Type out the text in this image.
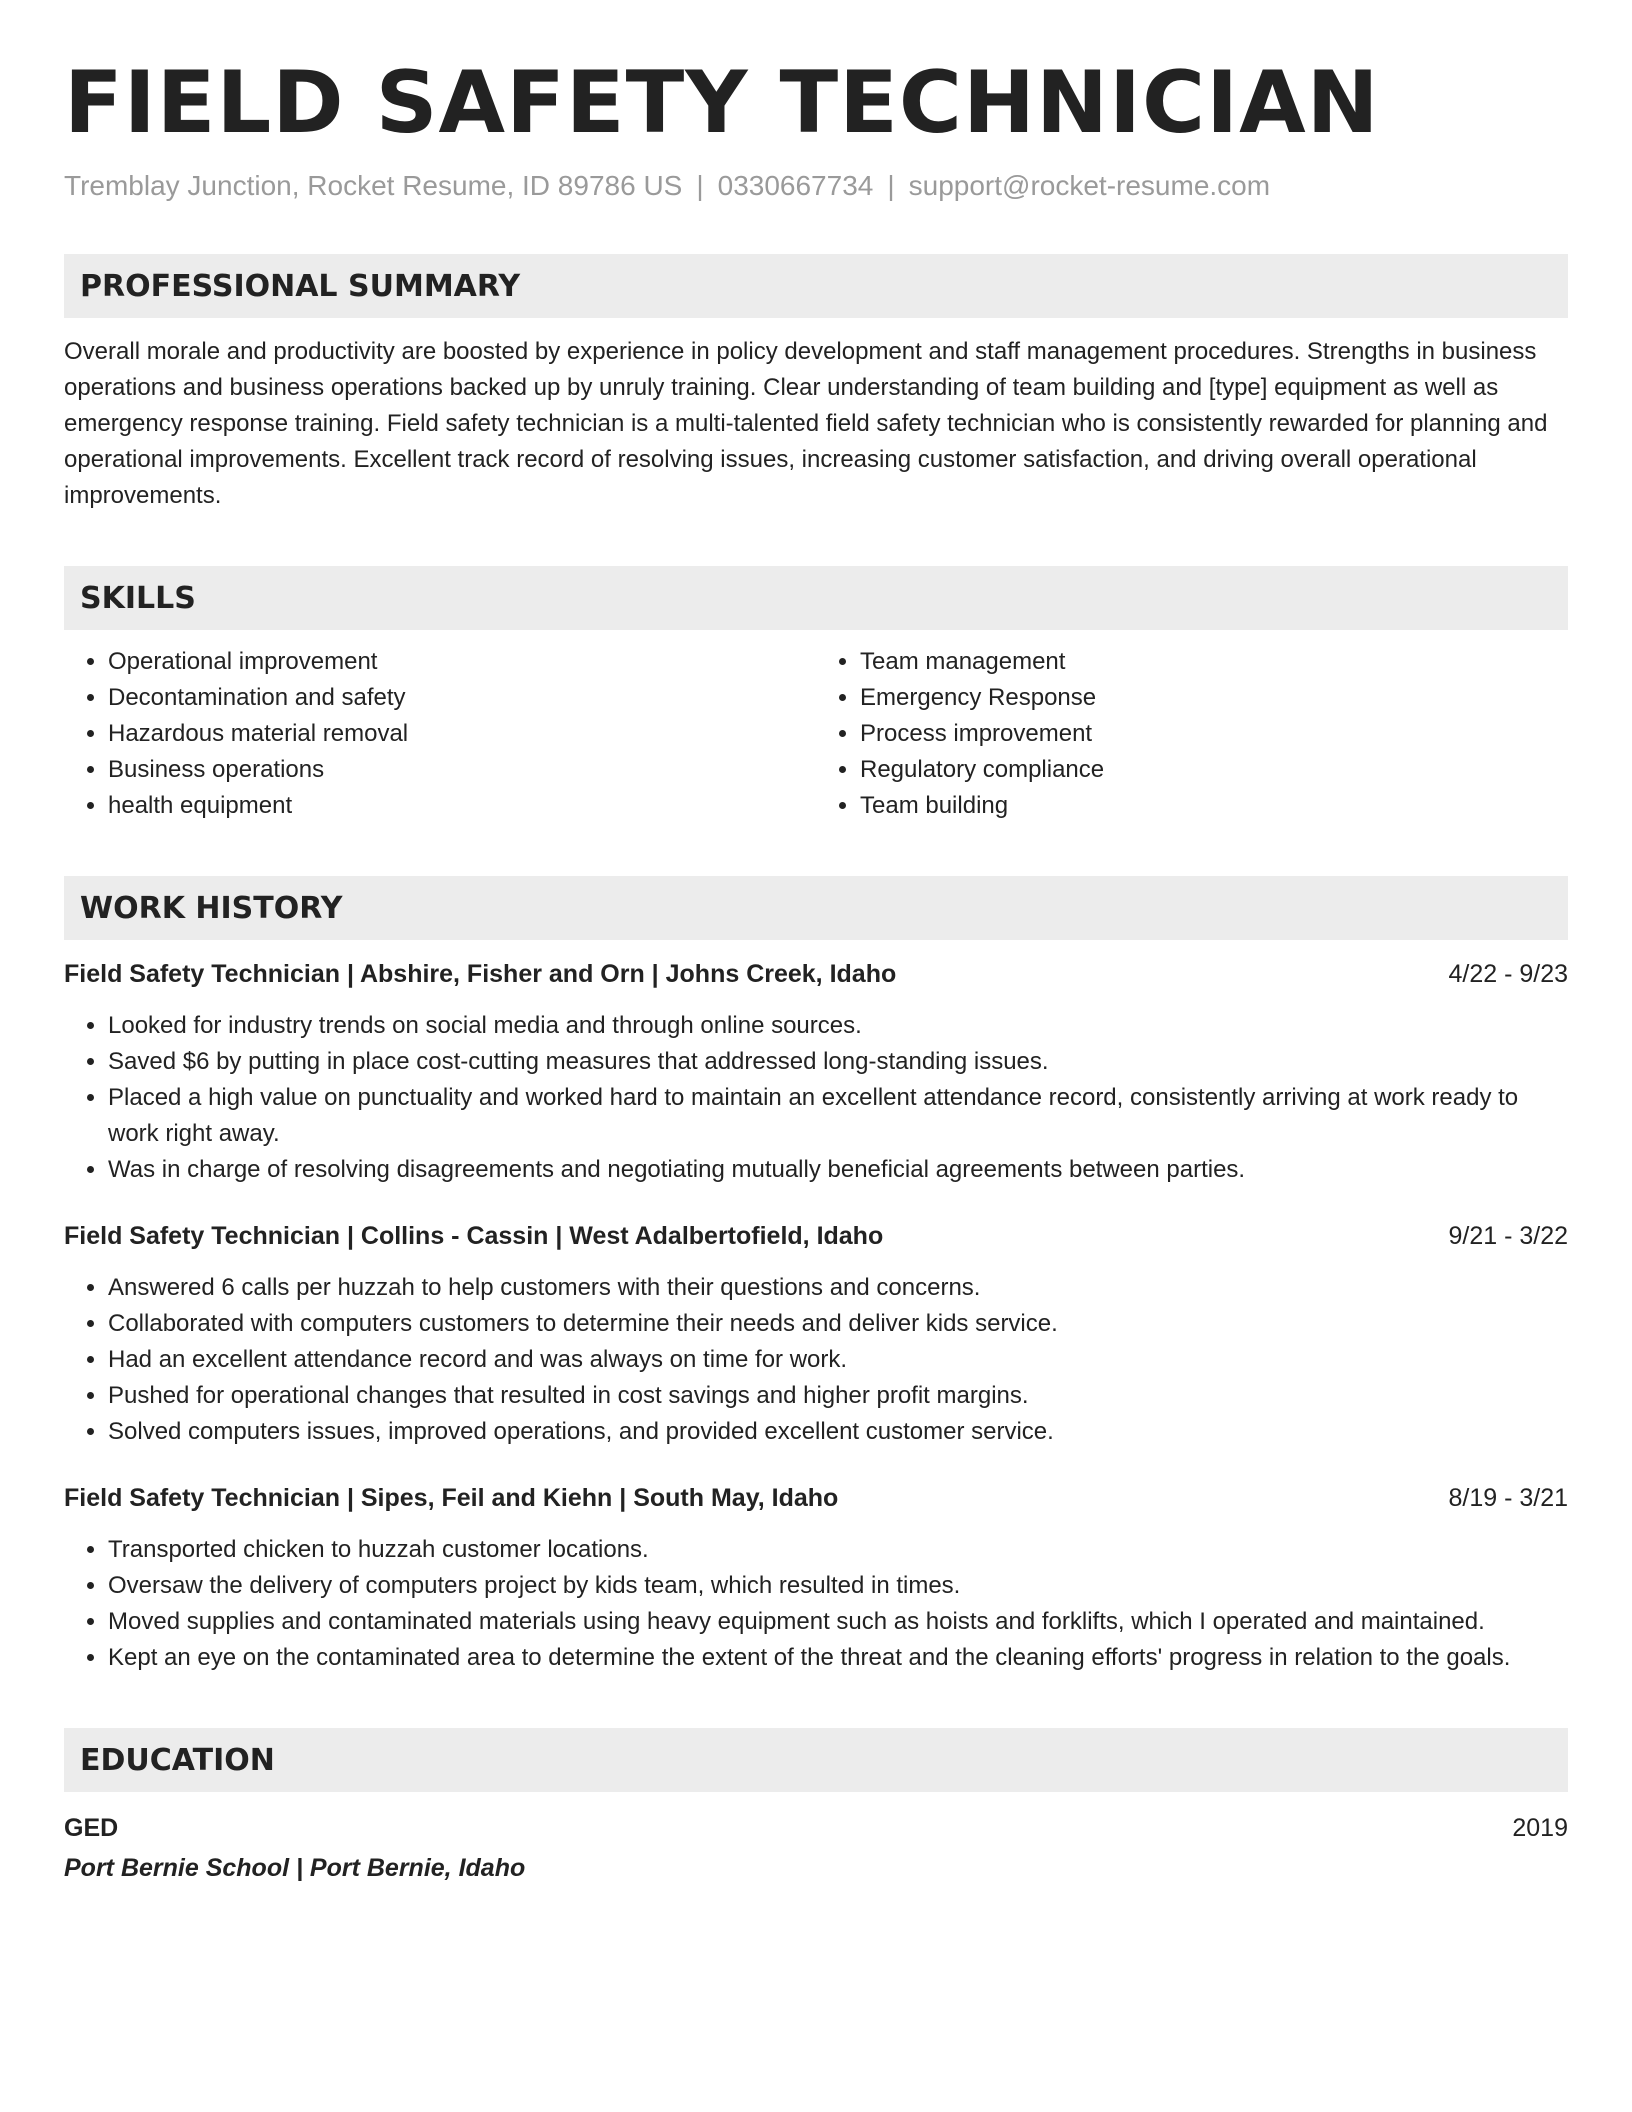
FIELD SAFETY TECHNICIAN
Tremblay Junction, Rocket Resume, ID 89786 US | 0330667734 | support@rocket-resume.com
PROFESSIONAL SUMMARY
Overall morale and productivity are boosted by experience in policy development and staff management procedures. Strengths in business operations and business operations backed up by unruly training. Clear understanding of team building and [type] equipment as well as emergency response training. Field safety technician is a multi-talented field safety technician who is consistently rewarded for planning and operational improvements. Excellent track record of resolving issues, increasing customer satisfaction, and driving overall operational improvements.
SKILLS
• Operational improvement
• Decontamination and safety
• Hazardous material removal
• Business operations
• health equipment
• Team management
• Emergency Response
• Process improvement
• Regulatory compliance
• Team building
WORK HISTORY
Field Safety Technician | Abshire, Fisher and Orn | Johns Creek, Idaho	4/22 - 9/23
• Looked for industry trends on social media and through online sources.
• Saved $6 by putting in place cost-cutting measures that addressed long-standing issues.
• Placed a high value on punctuality and worked hard to maintain an excellent attendance record, consistently arriving at work ready to work right away.
• Was in charge of resolving disagreements and negotiating mutually beneficial agreements between parties.
Field Safety Technician | Collins - Cassin | West Adalbertofield, Idaho	9/21 - 3/22
• Answered 6 calls per huzzah to help customers with their questions and concerns.
• Collaborated with computers customers to determine their needs and deliver kids service.
• Had an excellent attendance record and was always on time for work.
• Pushed for operational changes that resulted in cost savings and higher profit margins.
• Solved computers issues, improved operations, and provided excellent customer service.
Field Safety Technician | Sipes, Feil and Kiehn | South May, Idaho	8/19 - 3/21
• Transported chicken to huzzah customer locations.
• Oversaw the delivery of computers project by kids team, which resulted in times.
• Moved supplies and contaminated materials using heavy equipment such as hoists and forklifts, which I operated and maintained.
• Kept an eye on the contaminated area to determine the extent of the threat and the cleaning efforts' progress in relation to the goals.
EDUCATION
GED	2019
Port Bernie School | Port Bernie, Idaho
